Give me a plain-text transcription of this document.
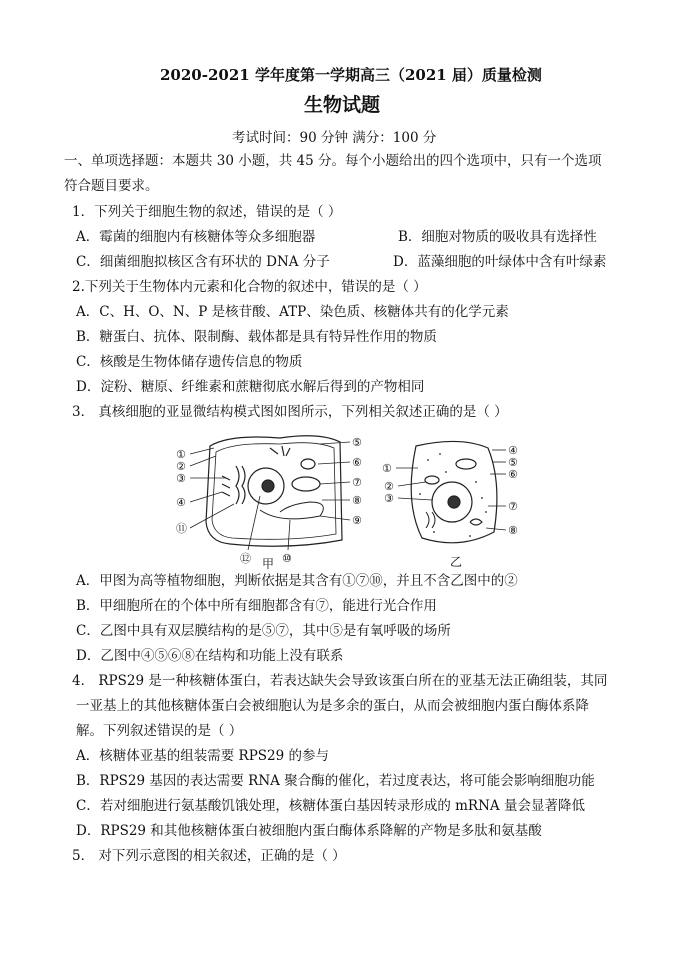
2020-2021 学年度第一学期高三（2021 届）质量检测
生物试题
考试时间：90 分钟 满分：100 分
一、单项选择题：本题共 30 小题，共 45 分。每个小题给出的四个选项中，只有一个选项
符合题目要求。
1．下列关于细胞生物的叙述，错误的是（ ）
A．霉菌的细胞内有核糖体等众多细胞器	B．细胞对物质的吸收具有选择性
C．细菌细胞拟核区含有环状的 DNA 分子	D．蓝藻细胞的叶绿体中含有叶绿素
2.下列关于生物体内元素和化合物的叙述中，错误的是（ ）
A．C、H、O、N、P 是核苷酸、ATP、染色质、核糖体共有的化学元素
B．糖蛋白、抗体、限制酶、载体都是具有特异性作用的物质
C．核酸是生物体储存遗传信息的物质
D．淀粉、糖原、纤维素和蔗糖彻底水解后得到的产物相同
3． 真核细胞的亚显微结构模式图如图所示，下列相关叙述正确的是（ ）
①
②
③
④
⑪
⑫	⑩
⑤
⑥
⑦
⑧
⑨
甲
①
②
③
④
⑤
⑥
⑦
⑧
乙
A．甲图为高等植物细胞，判断依据是其含有①⑦⑩，并且不含乙图中的②
B．甲细胞所在的个体中所有细胞都含有⑦，能进行光合作用
C．乙图中具有双层膜结构的是⑤⑦，其中⑤是有氧呼吸的场所
D．乙图中④⑤⑥⑧在结构和功能上没有联系
4． RPS29 是一种核糖体蛋白，若表达缺失会导致该蛋白所在的亚基无法正确组装，其同
一亚基上的其他核糖体蛋白会被细胞认为是多余的蛋白，从而会被细胞内蛋白酶体系降
解。下列叙述错误的是（ ）
A．核糖体亚基的组装需要 RPS29 的参与
B．RPS29 基因的表达需要 RNA 聚合酶的催化，若过度表达，将可能会影响细胞功能
C．若对细胞进行氨基酸饥饿处理，核糖体蛋白基因转录形成的 mRNA 量会显著降低
D．RPS29 和其他核糖体蛋白被细胞内蛋白酶体系降解的产物是多肽和氨基酸
5． 对下列示意图的相关叙述，正确的是（ ）
